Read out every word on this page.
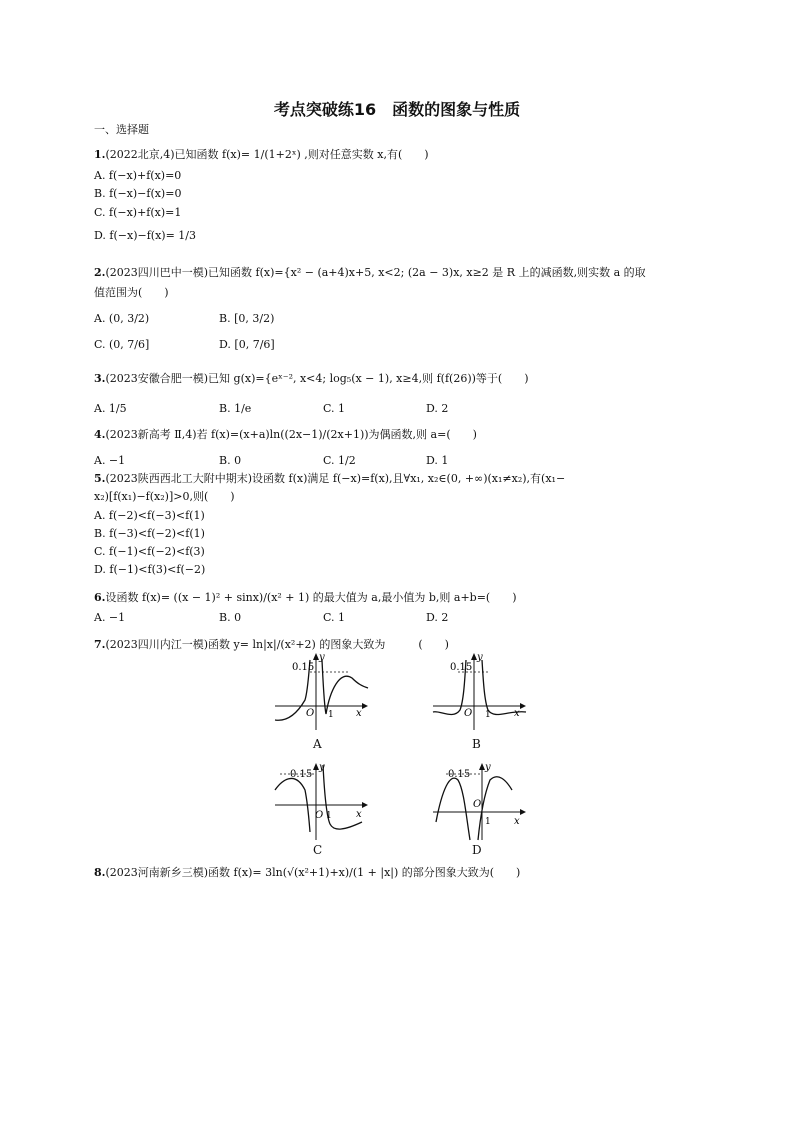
考点突破练16　函数的图象与性质
一、选择题
1.(2022北京,4)已知函数 f(x)= 1/(1+2ˣ) ,则对任意实数 x,有(　　)
A. f(−x)+f(x)=0
B. f(−x)−f(x)=0
C. f(−x)+f(x)=1
D. f(−x)−f(x)= 1/3
2.(2023四川巴中一模)已知函数 f(x)={x² − (a+4)x+5, x<2; (2a − 3)x, x≥2 是 R 上的减函数,则实数 a 的取
值范围为(　　)
A. (0, 3/2)	B. [0, 3/2)
C. (0, 7/6]	D. [0, 7/6]
3.(2023安徽合肥一模)已知 g(x)={eˣ⁻², x<4; log₅(x − 1), x≥4,则 f(f(26))等于(　　)
A. 1/5	B. 1/e	C. 1	D. 2
4.(2023新高考 Ⅱ,4)若 f(x)=(x+a)ln((2x−1)/(2x+1))为偶函数,则 a=(　　)
A. −1	B. 0	C. 1/2	D. 1
5.(2023陕西西北工大附中期末)设函数 f(x)满足 f(−x)=f(x),且∀x₁, x₂∈(0, +∞)(x₁≠x₂),有(x₁−
x₂)[f(x₁)−f(x₂)]>0,则(　　)
A. f(−2)<f(−3)<f(1)
B. f(−3)<f(−2)<f(1)
C. f(−1)<f(−2)<f(3)
D. f(−1)<f(3)<f(−2)
6.设函数 f(x)= ((x − 1)² + sinx)/(x² + 1) 的最大值为 a,最小值为 b,则 a+b=(　　)
A. −1	B. 0	C. 1	D. 2
7.(2023四川内江一模)函数 y= ln|x|/(x²+2) 的图象大致为　　　(　　)
0.15
y
x
O 1
A
0.15
y
x
O 1
B
0.15
y
x
O 1
C
0.15
y
x
O
1
D
8.(2023河南新乡三模)函数 f(x)= 3ln(√(x²+1)+x)/(1 + |x|) 的部分图象大致为(　　)
